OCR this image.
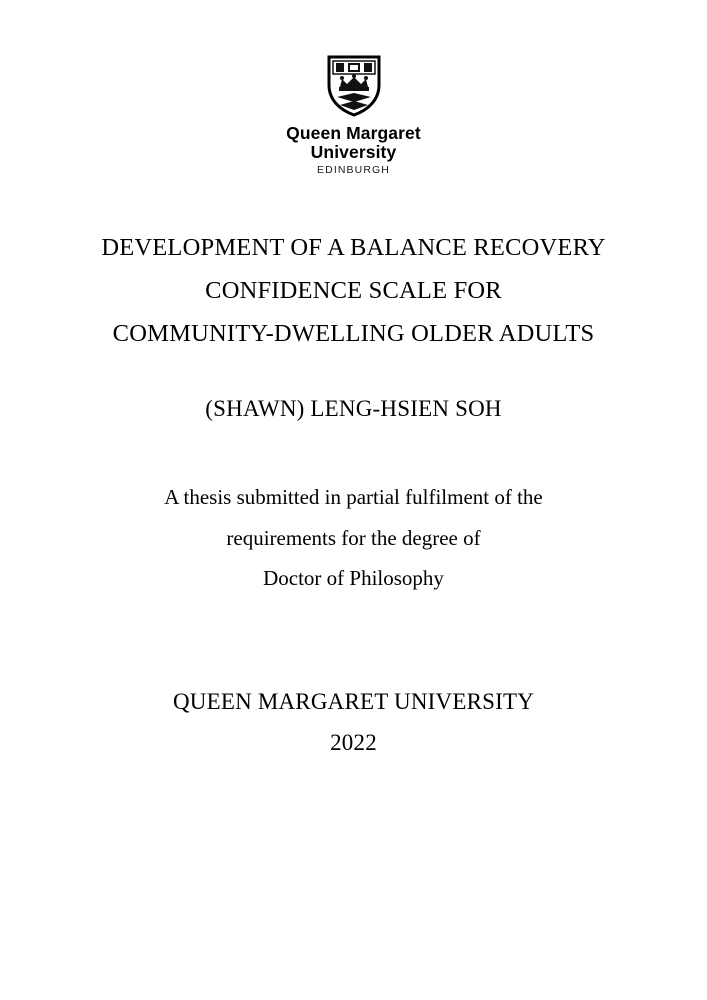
Queen Margaret
University
EDINBURGH
DEVELOPMENT OF A BALANCE RECOVERY
CONFIDENCE SCALE FOR
COMMUNITY-DWELLING OLDER ADULTS
(SHAWN) LENG-HSIEN SOH
A thesis submitted in partial fulfilment of the
requirements for the degree of
Doctor of Philosophy
QUEEN MARGARET UNIVERSITY
2022
